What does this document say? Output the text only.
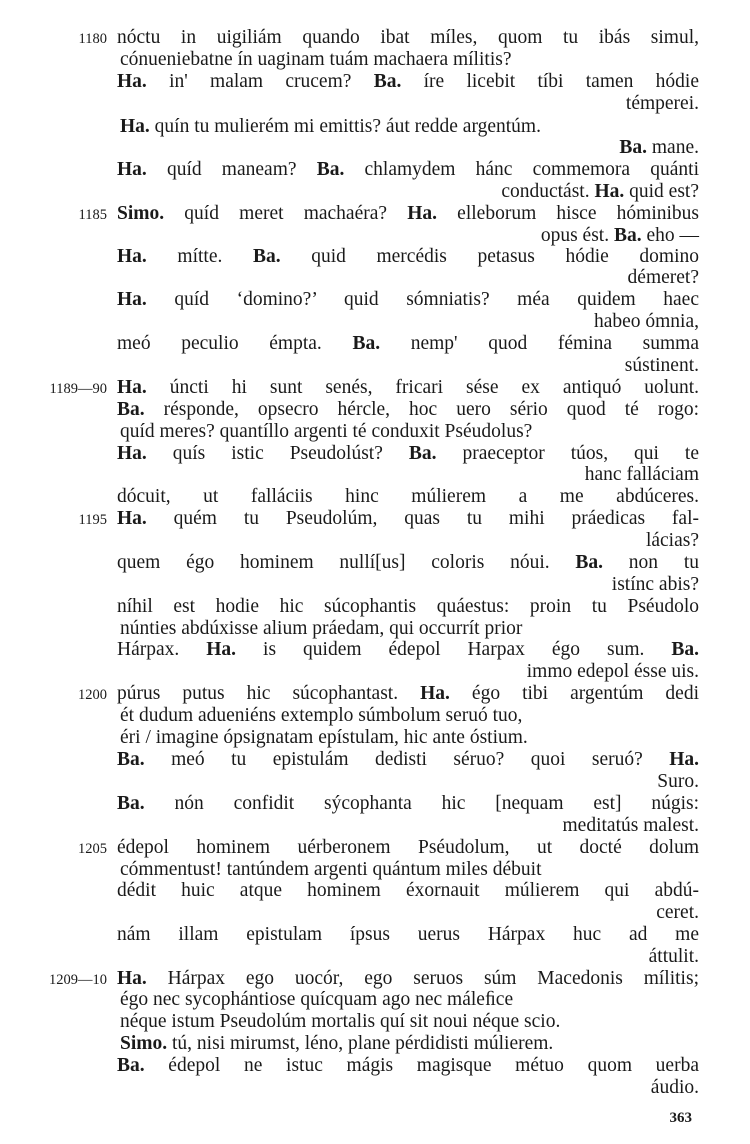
1180
1185
1189—90
1195
1200
1205
1209—10
nóctu in uigiliám quando ibat míles, quom tu ibás simul,
cónueniebatne ín uaginam tuám machaera mílitis?
Ha. in' malam crucem? Ba. íre licebit tíbi tamen hódie
témperei.
Ha. quín tu mulierém mi emittis? áut redde argentúm.
Ba. mane.
Ha. quíd maneam? Ba. chlamydem hánc commemora quánti
conductást. Ha. quid est?
Simo. quíd meret machaéra? Ha. elleborum hisce hóminibus
opus ést. Ba. eho —
Ha. mítte. Ba. quid mercédis petasus hódie domino
démeret?
Ha. quíd ‘domino?’ quid sómniatis? méa quidem haec
habeo ómnia,
meó peculio émpta. Ba. nemp' quod fémina summa
sústinent.
Ha. úncti hi sunt senés, fricari sése ex antiquó uolunt.
Ba. résponde, opsecro hércle, hoc uero sério quod té rogo:
quíd meres? quantíllo argenti té conduxit Pséudolus?
Ha. quís istic Pseudolúst? Ba. praeceptor túos, qui te
hanc falláciam
dócuit, ut falláciis hinc múlierem a me abdúceres.
Ha. quém tu Pseudolúm, quas tu mihi práedicas fal-
lácias?
quem égo hominem nullí[us] coloris nóui. Ba. non tu
istínc abis?
níhil est hodie hic súcophantis quáestus: proin tu Pséudolo
núnties abdúxisse alium práedam, qui occurrít prior
Hárpax. Ha. is quidem édepol Harpax égo sum. Ba.
immo edepol ésse uis.
púrus putus hic súcophantast. Ha. égo tibi argentúm dedi
ét dudum adueniéns extemplo súmbolum seruó tuo,
éri / imagine ópsignatam epístulam, hic ante óstium.
Ba. meó tu epistulám dedisti séruo? quoi seruó? Ha.
Suro.
Ba. nón confidit sýcophanta hic [nequam est] núgis:
meditatús malest.
édepol hominem uérberonem Pséudolum, ut docté dolum
cómmentust! tantúndem argenti quántum miles débuit
dédit huic atque hominem éxornauit múlierem qui abdú-
ceret.
nám illam epistulam ípsus uerus Hárpax huc ad me
áttulit.
Ha. Hárpax ego uocór, ego seruos súm Macedonis mílitis;
égo nec sycophántiose quícquam ago nec máleﬁce
néque istum Pseudolúm mortalis quí sit noui néque scio.
Simo. tú, nisi mirumst, léno, plane pérdidisti múlierem.
Ba. édepol ne istuc mágis magisque métuo quom uerba
áudio.
363
